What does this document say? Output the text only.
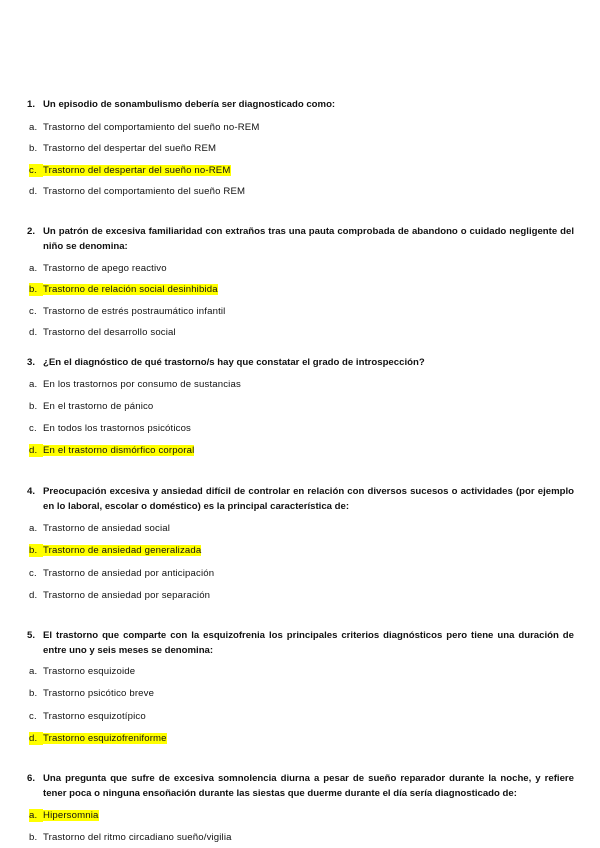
1. Un episodio de sonambulismo debería ser diagnosticado como:
a. Trastorno del comportamiento del sueño no-REM
b. Trastorno del despertar del sueño REM
c. Trastorno del despertar del sueño no-REM
d. Trastorno del comportamiento del sueño REM
2. Un patrón de excesiva familiaridad con extraños tras una pauta comprobada de abandono o cuidado negligente del niño se denomina:
a. Trastorno de apego reactivo
b. Trastorno de relación social desinhibida
c. Trastorno de estrés postraumático infantil
d. Trastorno del desarrollo social
3. ¿En el diagnóstico de qué trastorno/s hay que constatar el grado de introspección?
a. En los trastornos por consumo de sustancias
b. En el trastorno de pánico
c. En todos los trastornos psicóticos
d. En el trastorno dismórfico corporal
4. Preocupación excesiva y ansiedad difícil de controlar en relación con diversos sucesos o actividades (por ejemplo en lo laboral, escolar o doméstico) es la principal característica de:
a. Trastorno de ansiedad social
b. Trastorno de ansiedad generalizada
c. Trastorno de ansiedad por anticipación
d. Trastorno de ansiedad por separación
5. El trastorno que comparte con la esquizofrenia los principales criterios diagnósticos pero tiene una duración de entre uno y seis meses se denomina:
a. Trastorno esquizoide
b. Trastorno psicótico breve
c. Trastorno esquizotípico
d. Trastorno esquizofreniforme
6. Una pregunta que sufre de excesiva somnolencia diurna a pesar de sueño reparador durante la noche, y refiere tener poca o ninguna ensoñación durante las siestas que duerme durante el día sería diagnosticado de:
a. Hipersomnia
b. Trastorno del ritmo circadiano sueño/vigilia
